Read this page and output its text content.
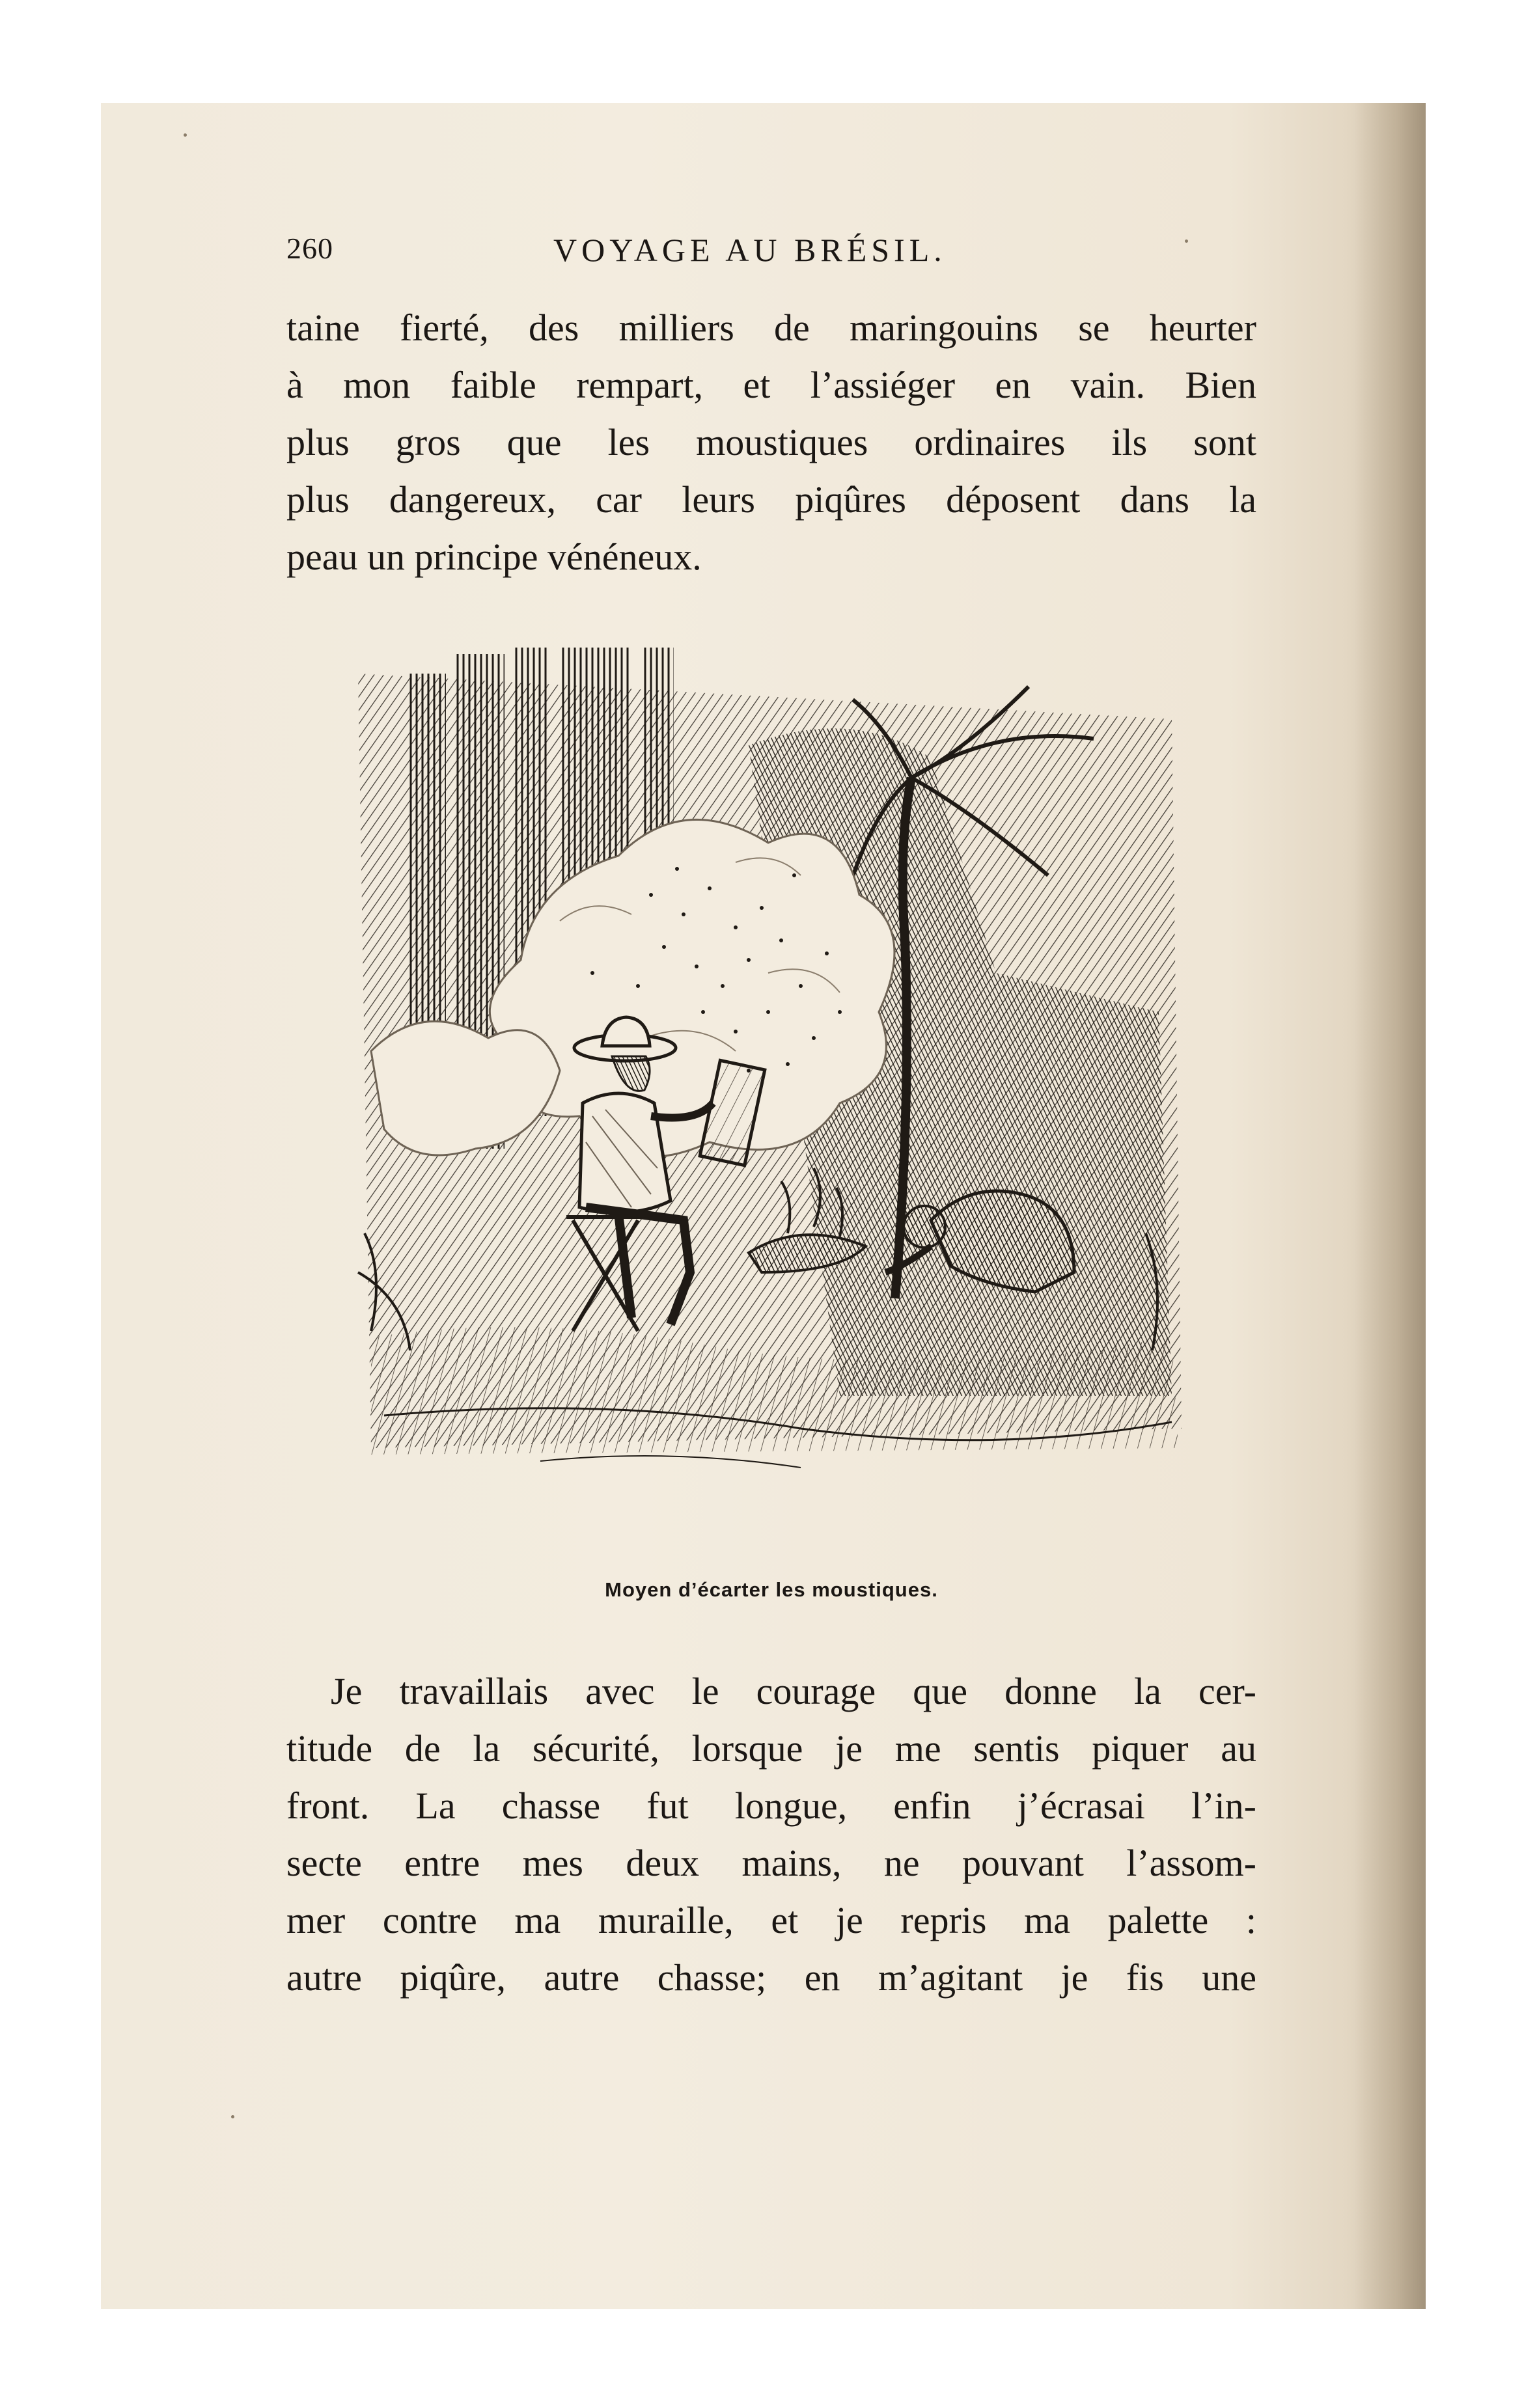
260	VOYAGE AU BRÉSIL.
taine fierté, des milliers de maringouins se heurter
à mon faible rempart, et l’assiéger en vain. Bien
plus gros que les moustiques ordinaires ils sont
plus dangereux, car leurs piqûres déposent dans la
peau un principe vénéneux.
Moyen d’écarter les moustiques.
Je travaillais avec le courage que donne la cer-
titude de la sécurité, lorsque je me sentis piquer au
front. La chasse fut longue, enfin j’écrasai l’in-
secte entre mes deux mains, ne pouvant l’assom-
mer contre ma muraille, et je repris ma palette :
autre piqûre, autre chasse; en m’agitant je fis une
